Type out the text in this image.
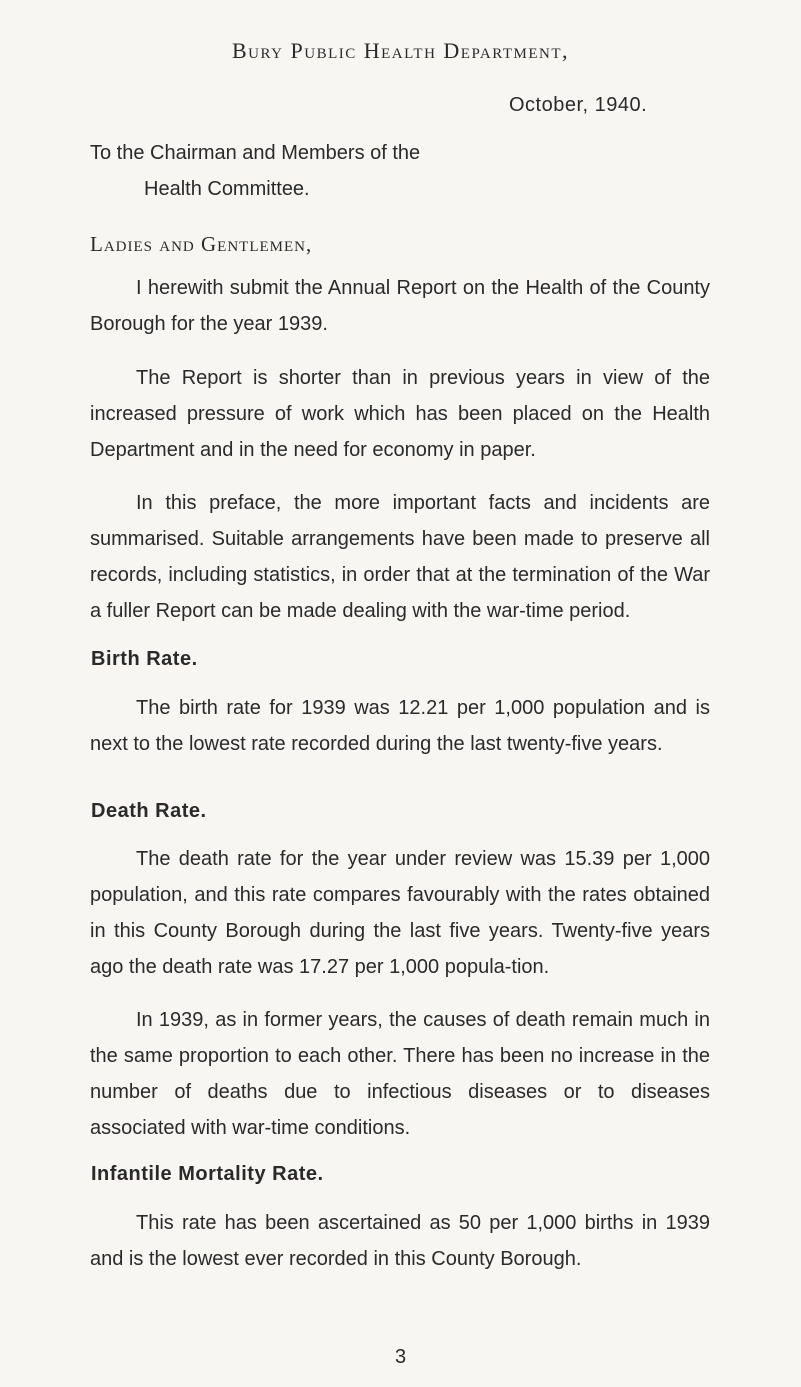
Bury Public Health Department,
October, 1940.
To the Chairman and Members of the
Health Committee.
Ladies and Gentlemen,

I herewith submit the Annual Report on the Health of the County Borough for the year 1939.

The Report is shorter than in previous years in view of the increased pressure of work which has been placed on the Health Department and in the need for economy in paper.

In this preface, the more important facts and incidents are summarised. Suitable arrangements have been made to preserve all records, including statistics, in order that at the termination of the War a fuller Report can be made dealing with the war-time period.

Birth Rate.

The birth rate for 1939 was 12.21 per 1,000 population and is next to the lowest rate recorded during the last twenty-five years.

Death Rate.

The death rate for the year under review was 15.39 per 1,000 population, and this rate compares favourably with the rates obtained in this County Borough during the last five years. Twenty-five years ago the death rate was 17.27 per 1,000 popula-tion.

In 1939, as in former years, the causes of death remain much in the same proportion to each other. There has been no increase in the number of deaths due to infectious diseases or to diseases associated with war-time conditions.

Infantile Mortality Rate.

This rate has been ascertained as 50 per 1,000 births in 1939 and is the lowest ever recorded in this County Borough.

3
